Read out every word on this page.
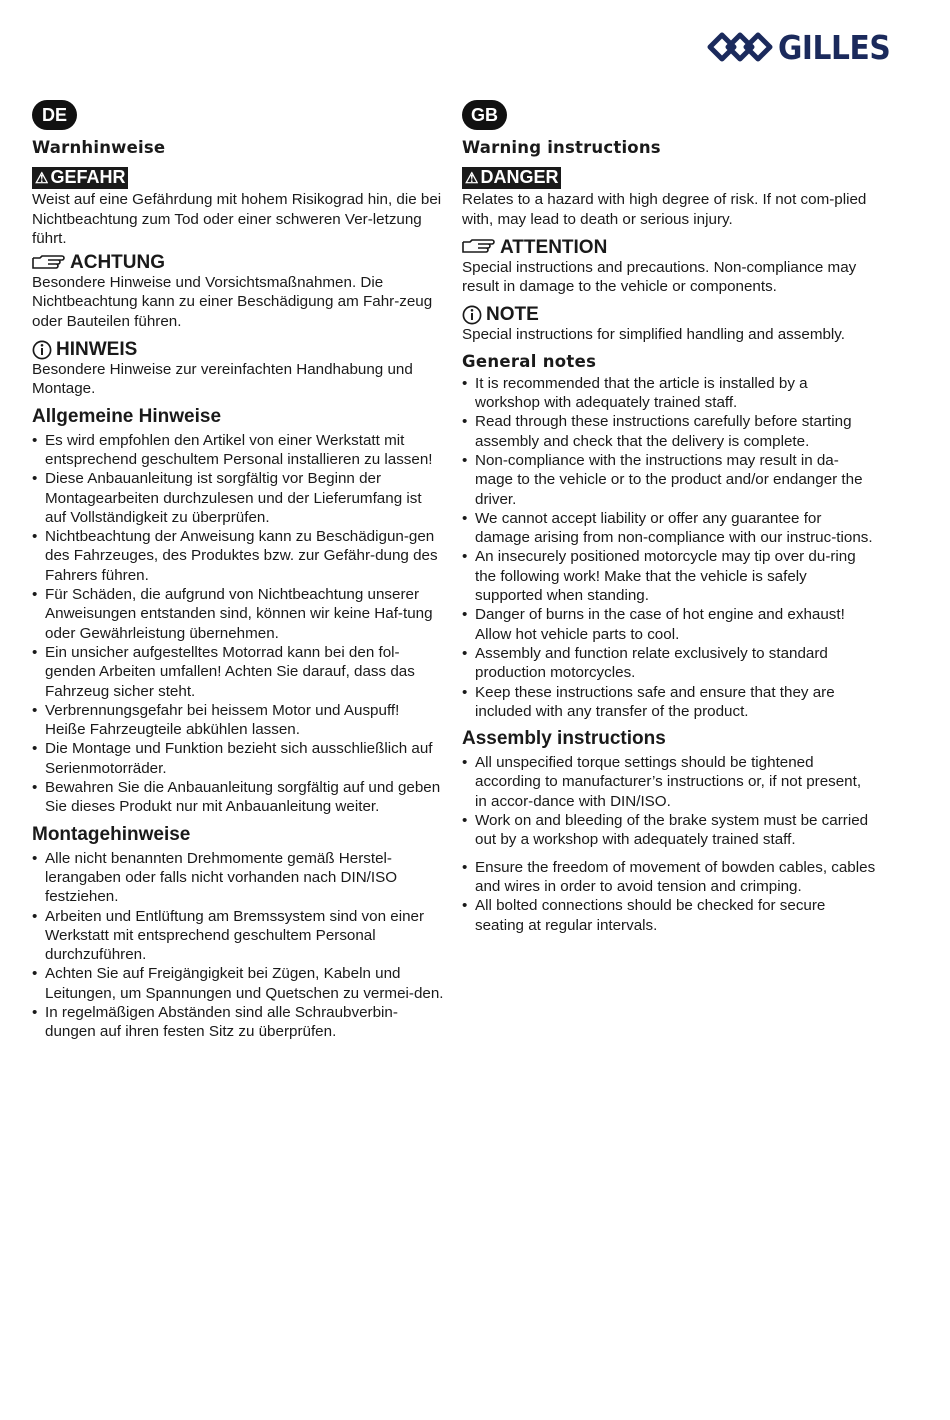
GILLES
DE
Warnhinweise
⚠ GEFAHR

Weist auf eine Gefährdung mit hohem Risikograd hin, die bei Nichtbeachtung zum Tod oder einer schweren Ver-letzung führt.

ACHTUNG

Besondere Hinweise und Vorsichtsmaßnahmen. Die Nichtbeachtung kann zu einer Beschädigung am Fahr-zeug oder Bauteilen führen.

HINWEIS

Besondere Hinweise zur vereinfachten Handhabung und Montage.

Allgemeine Hinweise
• Es wird empfohlen den Artikel von einer Werkstatt mit entsprechend geschultem Personal installieren zu lassen!
• Diese Anbauanleitung ist sorgfältig vor Beginn der Montagearbeiten durchzulesen und der Lieferumfang ist auf Vollständigkeit zu überprüfen.
• Nichtbeachtung der Anweisung kann zu Beschädigun-gen des Fahrzeuges, des Produktes bzw. zur Gefähr-dung des Fahrers führen.
• Für Schäden, die aufgrund von Nichtbeachtung unserer Anweisungen entstanden sind, können wir keine Haf-tung oder Gewährleistung übernehmen.
• Ein unsicher aufgestelltes Motorrad kann bei den fol-genden Arbeiten umfallen! Achten Sie darauf, dass das Fahrzeug sicher steht.
• Verbrennungsgefahr bei heissem Motor und Auspuff! Heiße Fahrzeugteile abkühlen lassen.
• Die Montage und Funktion bezieht sich ausschließlich auf Serienmotorräder.
• Bewahren Sie die Anbauanleitung sorgfältig auf und geben Sie dieses Produkt nur mit Anbauanleitung weiter.
Montagehinweise
• Alle nicht benannten Drehmomente gemäß Herstel-lerangaben oder falls nicht vorhanden nach DIN/ISO festziehen.
• Arbeiten und Entlüftung am Bremssystem sind von einer Werkstatt mit entsprechend geschultem Personal durchzuführen.
• Achten Sie auf Freigängigkeit bei Zügen, Kabeln und Leitungen, um Spannungen und Quetschen zu vermei-den.
• In regelmäßigen Abständen sind alle Schraubverbin-dungen auf ihren festen Sitz zu überprüfen.
GB
Warning instructions
⚠ DANGER

Relates to a hazard with high degree of risk. If not com-plied with, may lead to death or serious injury.

ATTENTION

Special instructions and precautions. Non-compliance may result in damage to the vehicle or components.

NOTE

Special instructions for simplified handling and assembly.

General notes
• It is recommended that the article is installed by a workshop with adequately trained staff.
• Read through these instructions carefully before starting assembly and check that the delivery is complete.
• Non-compliance with the instructions may result in da-mage to the vehicle or to the product and/or endanger the driver.
• We cannot accept liability or offer any guarantee for damage arising from non-compliance with our instruc-tions.
• An insecurely positioned motorcycle may tip over du-ring the following work! Make that the vehicle is safely supported when standing.
• Danger of burns in the case of hot engine and exhaust! Allow hot vehicle parts to cool.
• Assembly and function relate exclusively to standard production motorcycles.
• Keep these instructions safe and ensure that they are included with any transfer of the product.
Assembly instructions
• All unspecified torque settings should be tightened according to manufacturer’s instructions or, if not present, in accor-dance with DIN/ISO.
• Work on and bleeding of the brake system must be carried out by a workshop with adequately trained staff.
• Ensure the freedom of movement of bowden cables, cables and wires in order to avoid tension and crimping.
• All bolted connections should be checked for secure seating at regular intervals.
